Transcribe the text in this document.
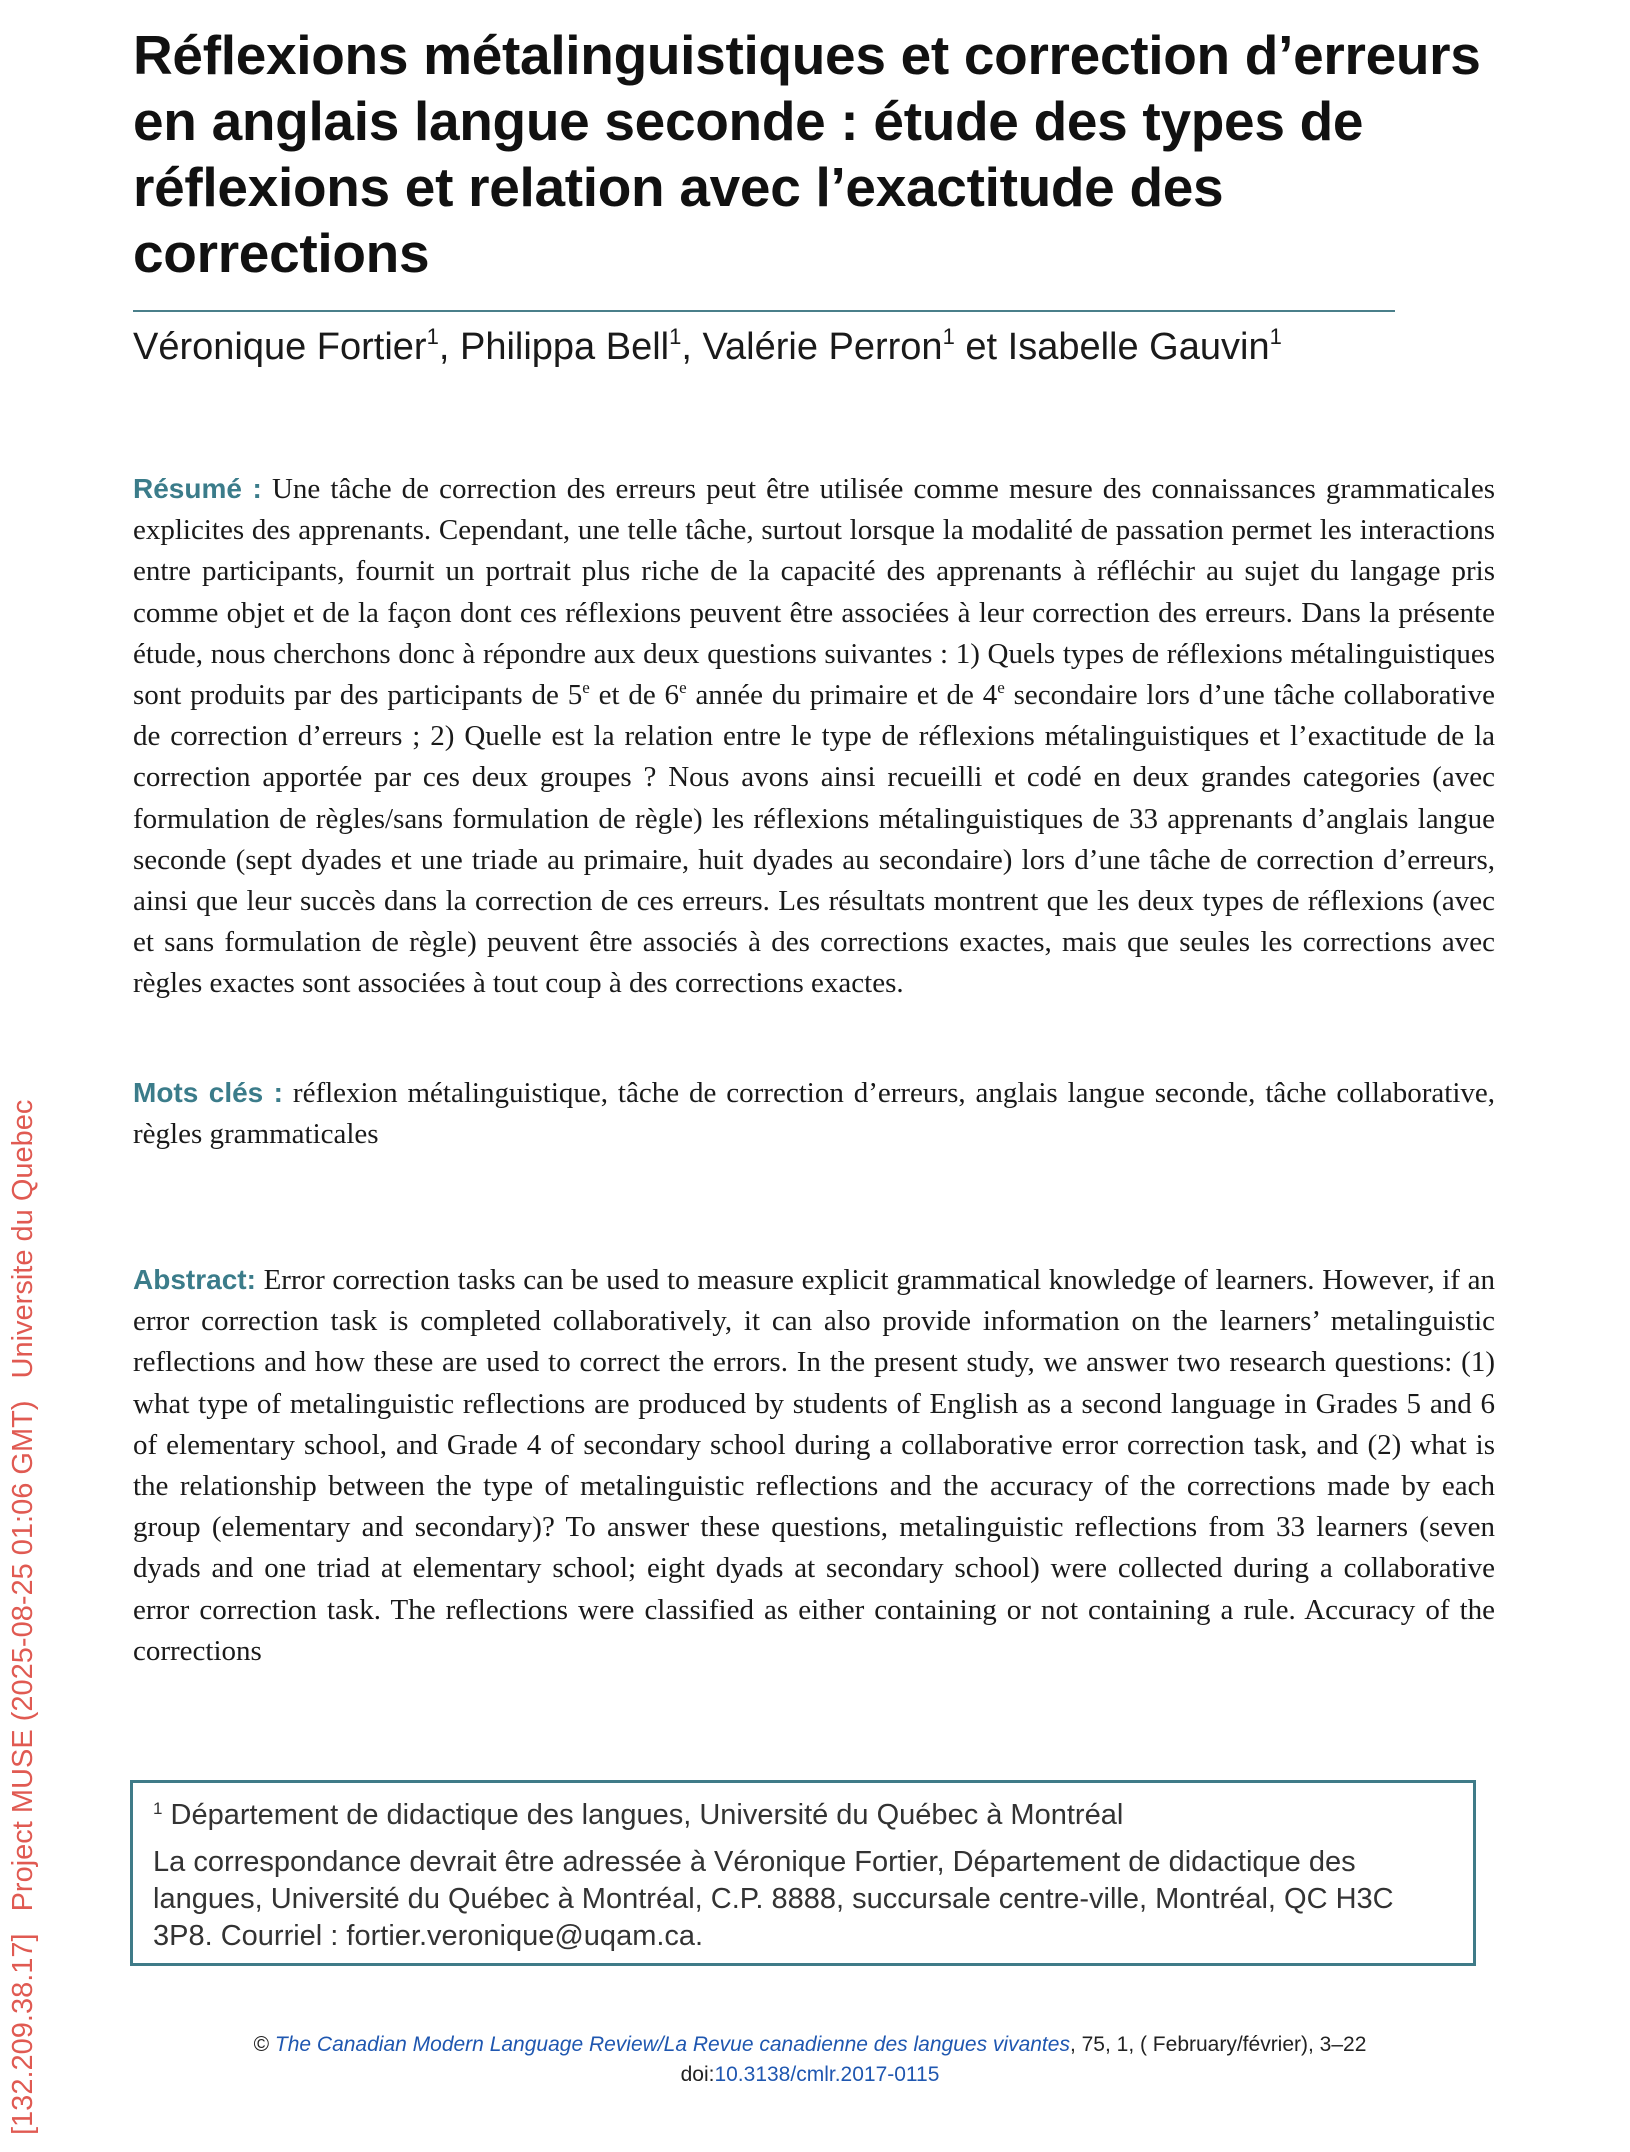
Réflexions métalinguistiques et correction d’erreurs en anglais langue seconde : étude des types de réflexions et relation avec l’exactitude des corrections
Véronique Fortier$^1$, Philippa Bell$^1$, Valérie Perron$^1$ et Isabelle Gauvin$^1$

Résumé : Une tâche de correction des erreurs peut être utilisée comme mesure des connaissances grammaticales explicites des apprenants. Cependant, une telle tâche, surtout lorsque la modalité de passation permet les interactions entre participants, fournit un portrait plus riche de la capacité des apprenants à réfléchir au sujet du langage pris comme objet et de la façon dont ces réflexions peuvent être associées à leur correction des erreurs. Dans la présente étude, nous cherchons donc à répondre aux deux questions suivantes : 1) Quels types de réflexions métalinguistiques sont produits par des participants de 5e et de 6e année du primaire et de 4e secondaire lors d’une tâche collaborative de correction d’erreurs ; 2) Quelle est la relation entre le type de réflexions métalinguistiques et l’exactitude de la correction apportée par ces deux groupes ? Nous avons ainsi recueilli et codé en deux grandes categories (avec formulation de règles/sans formulation de règle) les réflexions métalinguistiques de 33 apprenants d’anglais langue seconde (sept dyades et une triade au primaire, huit dyades au secondaire) lors d’une tâche de correction d’erreurs, ainsi que leur succès dans la correction de ces erreurs. Les résultats montrent que les deux types de réflexions (avec et sans formulation de règle) peuvent être associés à des corrections exactes, mais que seules les corrections avec règles exactes sont associées à tout coup à des corrections exactes.

Mots clés : réflexion métalinguistique, tâche de correction d’erreurs, anglais langue seconde, tâche collaborative, règles grammaticales

Abstract: Error correction tasks can be used to measure explicit grammatical knowledge of learners. However, if an error correction task is completed collaboratively, it can also provide information on the learners’ metalinguistic reflections and how these are used to correct the errors. In the present study, we answer two research questions: (1) what type of metalinguistic reflections are produced by students of English as a second language in Grades 5 and 6 of elementary school, and Grade 4 of secondary school during a collaborative error correction task, and (2) what is the relationship between the type of metalinguistic reflections and the accuracy of the corrections made by each group (elementary and secondary)? To answer these questions, metalinguistic reflections from 33 learners (seven dyads and one triad at elementary school; eight dyads at secondary school) were collected during a collaborative error correction task. The reflections were classified as either containing or not containing a rule. Accuracy of the corrections

$^1$ Département de didactique des langues, Université du Québec à Montréal
La correspondance devrait être adressée à Véronique Fortier, Département de didactique des langues, Université du Québec à Montréal, C.P. 8888, succursale centre-ville, Montréal, QC H3C 3P8. Courriel : fortier.veronique@uqam.ca.
© The Canadian Modern Language Review/La Revue canadienne des langues vivantes, 75, 1, ( February/février), 3–22
doi:10.3138/cmlr.2017-0115
[132.209.38.17]Project MUSE (2025-08-25 01:06 GMT)Universite du Quebec
